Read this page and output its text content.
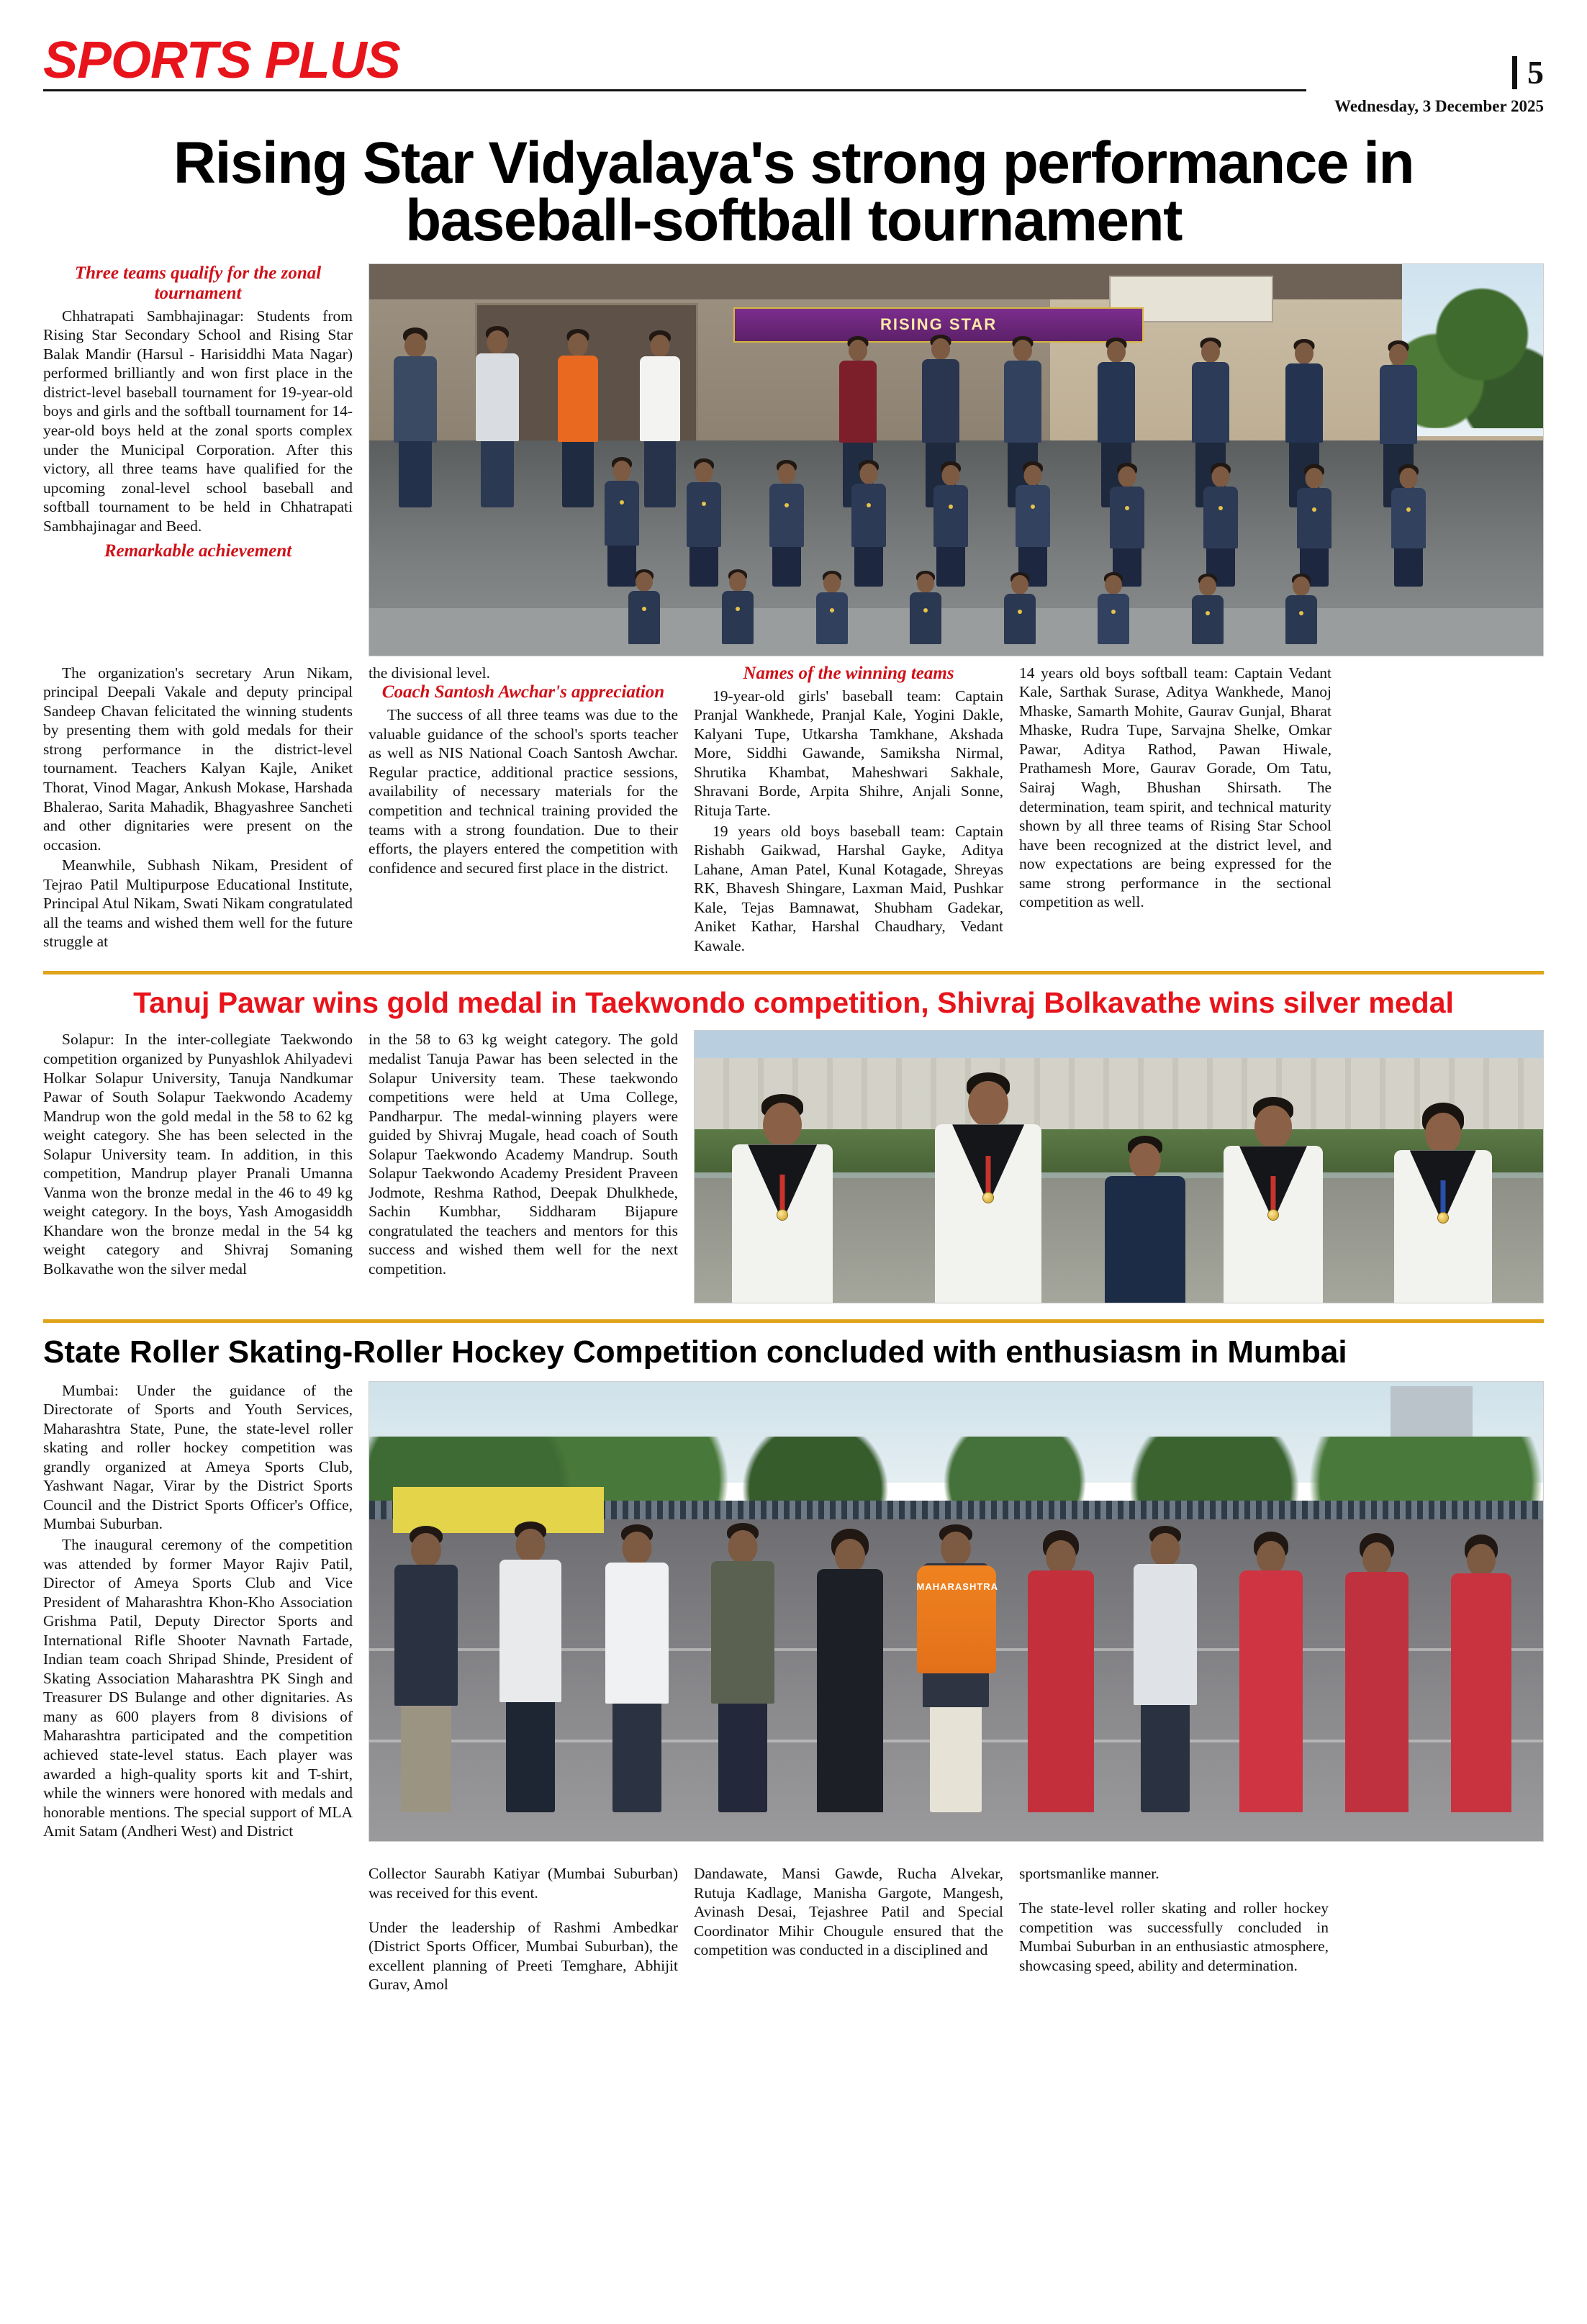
SPORTS PLUS	5
Wednesday, 3 December 2025
Rising Star Vidyalaya's strong performance in baseball-softball tournament
Three teams qualify for the zonal tournament

Chhatrapati Sambhajinagar: Students from Rising Star Secondary School and Rising Star Balak Mandir (Harsul - Harisiddhi Mata Nagar) performed brilliantly and won first place in the district-level baseball tournament for 19-year-old boys and girls and the softball tournament for 14-year-old boys held at the zonal sports complex under the Municipal Corporation. After this victory, all three teams have qualified for the upcoming zonal-level school baseball and softball tournament to be held in Chhatrapati Sambhajinagar and Beed.

Remarkable achievement
RISING STAR

The organization's secretary Arun Nikam, principal Deepali Vakale and deputy principal Sandeep Chavan felicitated the winning students by presenting them with gold medals for their strong performance in the district-level tournament. Teachers Kalyan Kajle, Aniket Thorat, Vinod Magar, Ankush Mokase, Harshada Bhalerao, Sarita Mahadik, Bhagyashree Sancheti and other dignitaries were present on the occasion.

Meanwhile, Subhash Nikam, President of Tejrao Patil Multipurpose Educational Institute, Principal Atul Nikam, Swati Nikam congratulated all the teams and wished them well for the future struggle at

the divisional level.

Coach Santosh Awchar's appreciation

The success of all three teams was due to the valuable guidance of the school's sports teacher as well as NIS National Coach Santosh Awchar. Regular practice, additional practice sessions, availability of necessary materials for the competition and technical training provided the teams with a strong foundation. Due to their efforts, the players entered the competition with confidence and secured first place in the district.

Names of the winning teams

19-year-old girls' baseball team: Captain Pranjal Wankhede, Pranjal Kale, Yogini Dakle, Kalyani Tupe, Utkarsha Tamkhane, Akshada More, Siddhi Gawande, Samiksha Nirmal, Shrutika Khambat, Maheshwari Sakhale, Shravani Borde, Arpita Shihre, Anjali Sonne, Rituja Tarte.

19 years old boys baseball team: Captain Rishabh Gaikwad, Harshal Gayke, Aditya Lahane, Aman Patel, Kunal Kotagade, Shreyas RK, Bhavesh Shingare, Laxman Maid, Pushkar Kale, Tejas Bamnawat, Shubham Gadekar, Aniket Kathar, Harshal Chaudhary, Vedant Kawale.

14 years old boys softball team: Captain Vedant Kale, Sarthak Surase, Aditya Wankhede, Manoj Mhaske, Samarth Mohite, Gaurav Gunjal, Bharat Mhaske, Rudra Tupe, Sarvajna Shelke, Omkar Pawar, Aditya Rathod, Pawan Hiwale, Prathamesh More, Gaurav Gorade, Om Tatu, Sairaj Wagh, Bhushan Shirsath. The determination, team spirit, and technical maturity shown by all three teams of Rising Star School have been recognized at the district level, and now expectations are being expressed for the same strong performance in the sectional competition as well.

Tanuj Pawar wins gold medal in Taekwondo competition, Shivraj Bolkavathe wins silver medal

Solapur: In the inter-collegiate Taekwondo competition organized by Punyashlok Ahilyadevi Holkar Solapur University, Tanuja Nandkumar Pawar of South Solapur Taekwondo Academy Mandrup won the gold medal in the 58 to 62 kg weight category. She has been selected in the Solapur University team. In addition, in this competition, Mandrup player Pranali Umanna Vanma won the bronze medal in the 46 to 49 kg weight category. In the boys, Yash Amogasiddh Khandare won the bronze medal in the 54 kg weight category and Shivraj Somaning Bolkavathe won the silver medal

in the 58 to 63 kg weight category. The gold medalist Tanuja Pawar has been selected in the Solapur University team. These taekwondo competitions were held at Uma College, Pandharpur. The medal-winning players were guided by Shivraj Mugale, head coach of South Solapur Taekwondo Academy Mandrup. South Solapur Taekwondo Academy President Praveen Jodmote, Reshma Rathod, Deepak Dhulkhede, Sachin Kumbhar, Siddharam Bijapure congratulated the teachers and mentors for this success and wished them well for the next competition.

State Roller Skating-Roller Hockey Competition concluded with enthusiasm in Mumbai

Mumbai: Under the guidance of the Directorate of Sports and Youth Services, Maharashtra State, Pune, the state-level roller skating and roller hockey competition was grandly organized at Ameya Sports Club, Yashwant Nagar, Virar by the District Sports Council and the District Sports Officer's Office, Mumbai Suburban.

The inaugural ceremony of the competition was attended by former Mayor Rajiv Patil, Director of Ameya Sports Club and Vice President of Maharashtra Khon-Kho Association Grishma Patil, Deputy Director Sports and International Rifle Shooter Navnath Fartade, Indian team coach Shripad Shinde, President of Skating Association Maharashtra PK Singh and Treasurer DS Bulange and other dignitaries. As many as 600 players from 8 divisions of Maharashtra participated and the competition achieved state-level status. Each player was awarded a high-quality sports kit and T-shirt, while the winners were honored with medals and honorable mentions. The special support of MLA Amit Satam (Andheri West) and District

MAHARASHTRA

Collector Saurabh Katiyar (Mumbai Suburban) was received for this event.

Under the leadership of Rashmi Ambedkar (District Sports Officer, Mumbai Suburban), the excellent planning of Preeti Temghare, Abhijit Gurav, Amol

Dandawate, Mansi Gawde, Rucha Alvekar, Rutuja Kadlage, Manisha Gargote, Mangesh, Avinash Desai, Tejashree Patil and Special Coordinator Mihir Chougule ensured that the competition was conducted in a disciplined and

sportsmanlike manner.

The state-level roller skating and roller hockey competition was successfully concluded in Mumbai Suburban in an enthusiastic atmosphere, showcasing speed, ability and determination.
